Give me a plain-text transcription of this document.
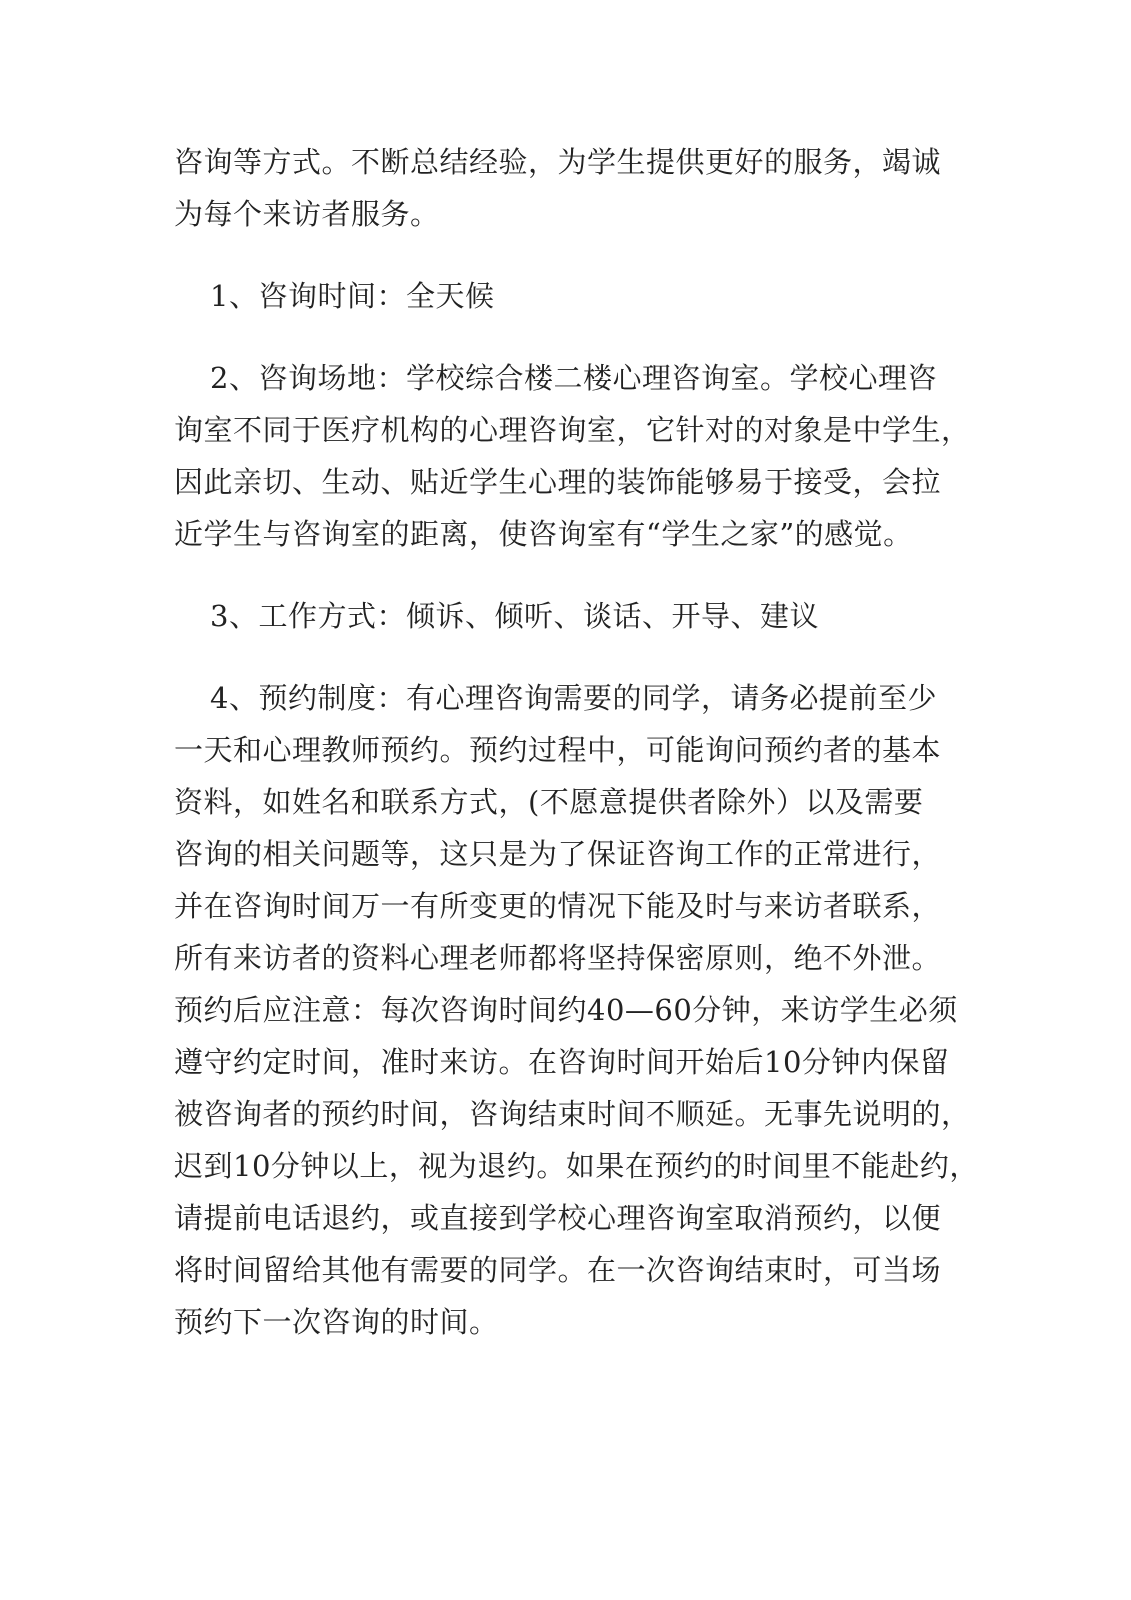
咨询等方式。不断总结经验，为学生提供更好的服务，竭诚
为每个来访者服务。
1、咨询时间：全天候
2、咨询场地：学校综合楼二楼心理咨询室。学校心理咨
询室不同于医疗机构的心理咨询室，它针对的对象是中学生，
因此亲切、生动、贴近学生心理的装饰能够易于接受，会拉
近学生与咨询室的距离，使咨询室有“学生之家”的感觉。
3、工作方式：倾诉、倾听、谈话、开导、建议
4、预约制度：有心理咨询需要的同学，请务必提前至少
一天和心理教师预约。预约过程中，可能询问预约者的基本
资料，如姓名和联系方式，(不愿意提供者除外）以及需要
咨询的相关问题等，这只是为了保证咨询工作的正常进行，
并在咨询时间万一有所变更的情况下能及时与来访者联系，
所有来访者的资料心理老师都将坚持保密原则，绝不外泄。
预约后应注意：每次咨询时间约40—60分钟，来访学生必须
遵守约定时间，准时来访。在咨询时间开始后10分钟内保留
被咨询者的预约时间，咨询结束时间不顺延。无事先说明的，
迟到10分钟以上，视为退约。如果在预约的时间里不能赴约，
请提前电话退约，或直接到学校心理咨询室取消预约，以便
将时间留给其他有需要的同学。在一次咨询结束时，可当场
预约下一次咨询的时间。
